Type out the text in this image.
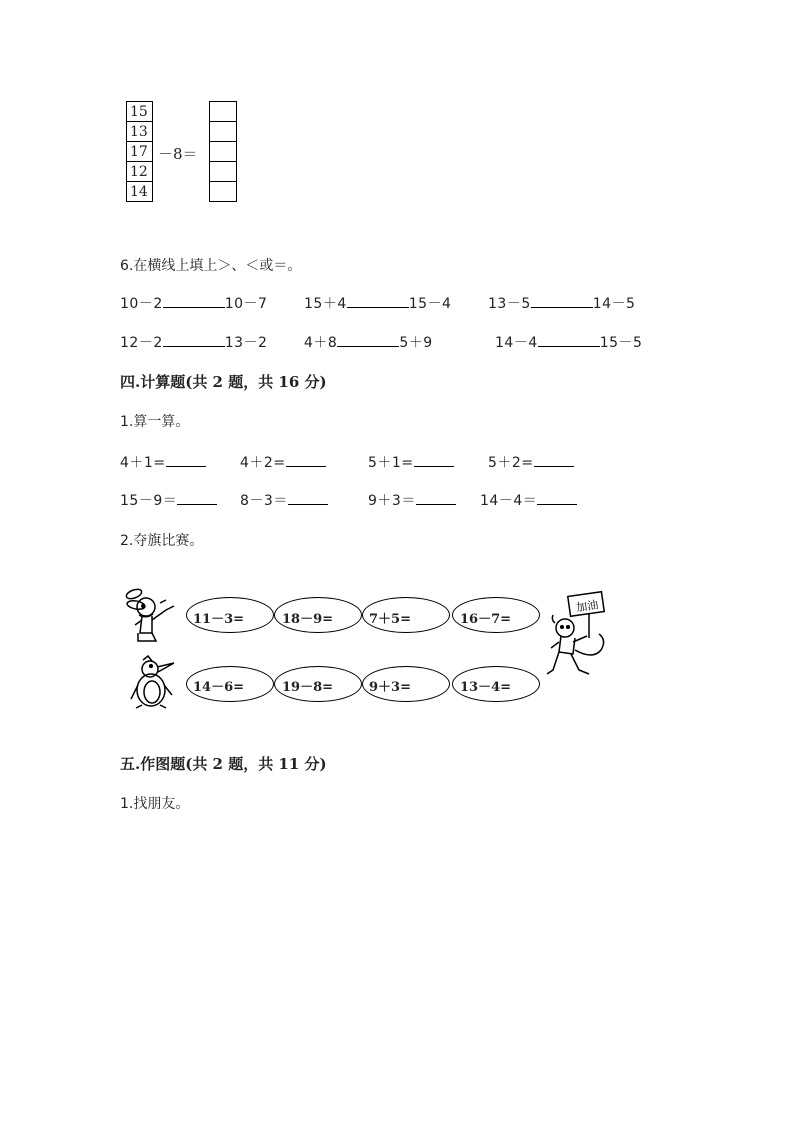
15
13
17
12
14
－8＝
6.在横线上填上＞、＜或＝。
10－2	10－7	15＋4	15－4	13－5	14－5
12－2	13－2	4＋8	5＋9	14－4	15－5
四.计算题(共 2 题，共 16 分)
1.算一算。
4＋1=	4＋2=	5＋1=	5＋2=
15－9＝	8－3＝	9＋3＝	14－4＝
2.夺旗比赛。
加油
11－3=	18－9=	7＋5=	16－7=
14－6=	19－8=	9＋3=	13－4=
五.作图题(共 2 题，共 11 分)
1.找朋友。
